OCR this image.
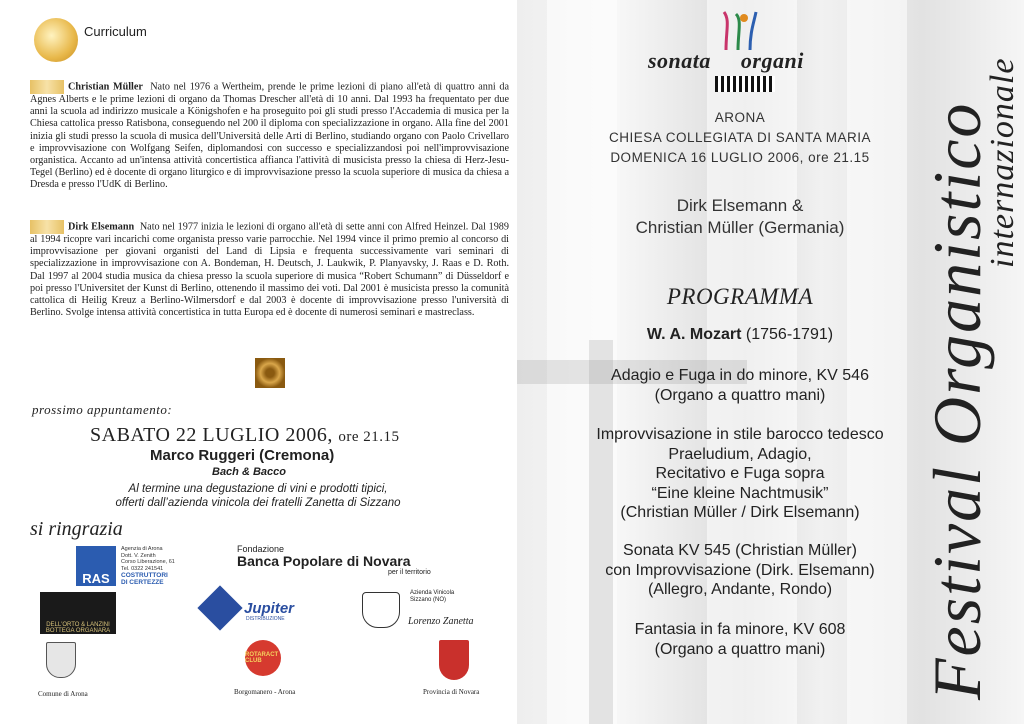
Curriculum
Christian Müller Nato nel 1976 a Wertheim, prende le prime lezioni di piano all'età di quattro anni da Agnes Alberts e le prime lezioni di organo da Thomas Drescher all'età di 10 anni. Dal 1993 ha frequentato per due anni la scuola ad indirizzo musicale a Königshofen e ha proseguito poi gli studi presso l'Accademia di musica per la Chiesa cattolica presso Ratisbona, conseguendo nel 200 il diploma con specializzazione in organo. Alla fine del 2001 inizia gli studi presso la scuola di musica dell'Università delle Arti di Berlino, studiando organo con Paolo Crivellaro e improvvisazione con Wolfgang Seifen, diplomandosi con successo e specializzandosi poi nell'improvvisazione organistica. Accanto ad un'intensa attività concertistica affianca l'attività di musicista presso la chiesa di Herz-Jesu-Tegel (Berlino) ed è docente di organo liturgico e di improvvisazione presso la scuola superiore di musica da chiesa a Dresda e presso l'UdK di Berlino.
Dirk Elsemann Nato nel 1977 inizia le lezioni di organo all'età di sette anni con Alfred Heinzel. Dal 1989 al 1994 ricopre vari incarichi come organista presso varie parrocchie. Nel 1994 vince il primo premio al concorso di improvvisazione per giovani organisti del Land di Lipsia e frequenta successivamente vari seminari di specializzazione in improvvisazione con A. Bondeman, H. Deutsch, J. Laukwik, P. Planyavsky, J. Raas e D. Roth. Dal 1997 al 2004 studia musica da chiesa presso la scuola superiore di musica “Robert Schumann” di Düsseldorf e poi presso l'Universitet der Kunst di Berlino, ottenendo il massimo dei voti. Dal 2001 è musicista presso la comunità cattolica di Heilig Kreuz a Berlino-Wilmersdorf e dal 2003 è docente di improvvisazione presso l'università di Berlino. Svolge intensa attività concertistica in tutta Europa ed è docente di numerosi seminari e mastreclass.
prossimo appuntamento:
SABATO 22 LUGLIO 2006, ore 21.15
Marco Ruggeri (Cremona)
Bach & Bacco
Al termine una degustazione di vini e prodotti tipici,
offerti dall’azienda vinicola dei fratelli Zanetta di Sizzano
si ringrazia
RAS
Agenzia di Arona
Dott. V. Zenith
Corso Liberazione, 61
Tel. 0322 241541
COSTRUTTORI
DI CERTEZZE
Fondazione
Banca Popolare di Novara
per il territorio
DELL'ORTO & LANZINI
BOTTEGA ORGANARA
Jupiter
DISTRIBUZIONE
Azienda Vinicola
Sizzano (NO)
Lorenzo Zanetta
Comune di Arona
ROTARACT CLUB
Borgomanero - Arona	Provincia di Novara
sonata organi
ARONA
CHIESA COLLEGIATA DI SANTA MARIA
DOMENICA 16 LUGLIO 2006, ore 21.15
Dirk Elsemann &
Christian Müller (Germania)
PROGRAMMA
W. A. Mozart (1756-1791)
Adagio e Fuga in do minore, KV 546
(Organo a quattro mani)
Improvvisazione in stile barocco tedesco
Praeludium, Adagio,
Recitativo e Fuga sopra
“Eine kleine Nachtmusik”
(Christian Müller / Dirk Elsemann)
Sonata KV 545 (Christian Müller)
con Improvvisazione (Dirk. Elsemann)
(Allegro, Andante, Rondo)
Fantasia in fa minore, KV 608
(Organo a quattro mani)	Festival Organistico
internazionale
